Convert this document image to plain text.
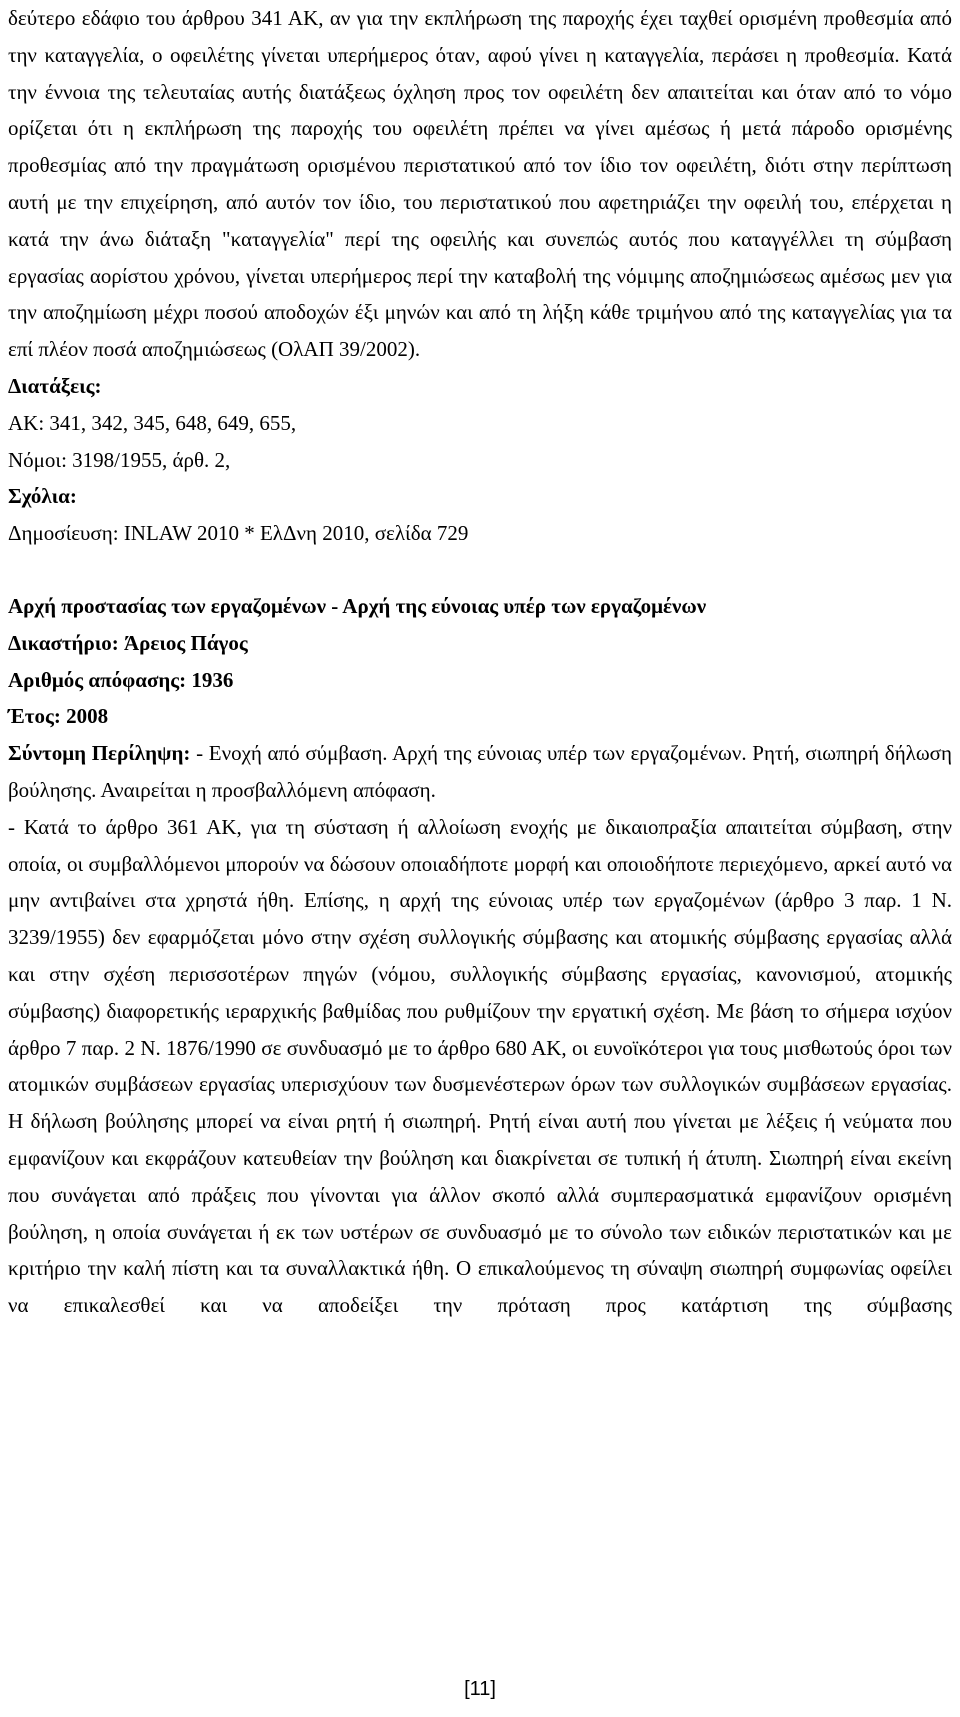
δεύτερο εδάφιο του άρθρου 341 ΑΚ, αν για την εκπλήρωση της παροχής έχει ταχθεί ορισμένη προθεσμία από την καταγγελία, ο οφειλέτης γίνεται υπερήμερος όταν, αφού γίνει η καταγγελία, περάσει η προθεσμία. Κατά την έννοια της τελευταίας αυτής διατάξεως όχληση προς τον οφειλέτη δεν απαιτείται και όταν από το νόμο ορίζεται ότι η εκπλήρωση της παροχής του οφειλέτη πρέπει να γίνει αμέσως ή μετά πάροδο ορισμένης προθεσμίας από την πραγμάτωση ορισμένου περιστατικού από τον ίδιο τον οφειλέτη, διότι στην περίπτωση αυτή με την επιχείρηση, από αυτόν τον ίδιο, του περιστατικού που αφετηριάζει την οφειλή του, επέρχεται η κατά την άνω διάταξη "καταγγελία" περί της οφειλής και συνεπώς αυτός που καταγγέλλει τη σύμβαση εργασίας αορίστου χρόνου, γίνεται υπερήμερος περί την καταβολή της νόμιμης αποζημιώσεως αμέσως μεν για την αποζημίωση μέχρι ποσού αποδοχών έξι μηνών και από τη λήξη κάθε τριμήνου από της καταγγελίας για τα επί πλέον ποσά αποζημιώσεως (ΟλΑΠ 39/2002).

Διατάξεις:
ΑΚ: 341, 342, 345, 648, 649, 655,
Νόμοι: 3198/1955, άρθ. 2,
Σχόλια:
Δημοσίευση: INLAW 2010 * ΕλΔνη 2010, σελίδα 729
Αρχή προστασίας των εργαζομένων - Αρχή της εύνοιας υπέρ των εργαζομένων
Δικαστήριο: Άρειος Πάγος
Αριθμός απόφασης: 1936
Έτος: 2008

Σύντομη Περίληψη: - Ενοχή από σύμβαση. Αρχή της εύνοιας υπέρ των εργαζομένων. Ρητή, σιωπηρή δήλωση βούλησης. Αναιρείται η προσβαλλόμενη απόφαση.

- Κατά το άρθρο 361 ΑΚ, για τη σύσταση ή αλλοίωση ενοχής με δικαιοπραξία απαιτείται σύμβαση, στην οποία, οι συμβαλλόμενοι μπορούν να δώσουν οποιαδήποτε μορφή και οποιοδήποτε περιεχόμενο, αρκεί αυτό να μην αντιβαίνει στα χρηστά ήθη. Επίσης, η αρχή της εύνοιας υπέρ των εργαζομένων (άρθρο 3 παρ. 1 Ν. 3239/1955) δεν εφαρμόζεται μόνο στην σχέση συλλογικής σύμβασης και ατομικής σύμβασης εργασίας αλλά και στην σχέση περισσοτέρων πηγών (νόμου, συλλογικής σύμβασης εργασίας, κανονισμού, ατομικής σύμβασης) διαφορετικής ιεραρχικής βαθμίδας που ρυθμίζουν την εργατική σχέση. Με βάση το σήμερα ισχύον άρθρο 7 παρ. 2 Ν. 1876/1990 σε συνδυασμό με το άρθρο 680 ΑΚ, οι ευνοϊκότεροι για τους μισθωτούς όροι των ατομικών συμβάσεων εργασίας υπερισχύουν των δυσμενέστερων όρων των συλλογικών συμβάσεων εργασίας. Η δήλωση βούλησης μπορεί να είναι ρητή ή σιωπηρή. Ρητή είναι αυτή που γίνεται με λέξεις ή νεύματα που εμφανίζουν και εκφράζουν κατευθείαν την βούληση και διακρίνεται σε τυπική ή άτυπη. Σιωπηρή είναι εκείνη που συνάγεται από πράξεις που γίνονται για άλλον σκοπό αλλά συμπερασματικά εμφανίζουν ορισμένη βούληση, η οποία συνάγεται ή εκ των υστέρων σε συνδυασμό με το σύνολο των ειδικών περιστατικών και με κριτήριο την καλή πίστη και τα συναλλακτικά ήθη. Ο επικαλούμενος τη σύναψη σιωπηρή συμφωνίας οφείλει να επικαλεσθεί και να αποδείξει την πρόταση προς κατάρτιση της σύμβασης

[11]
